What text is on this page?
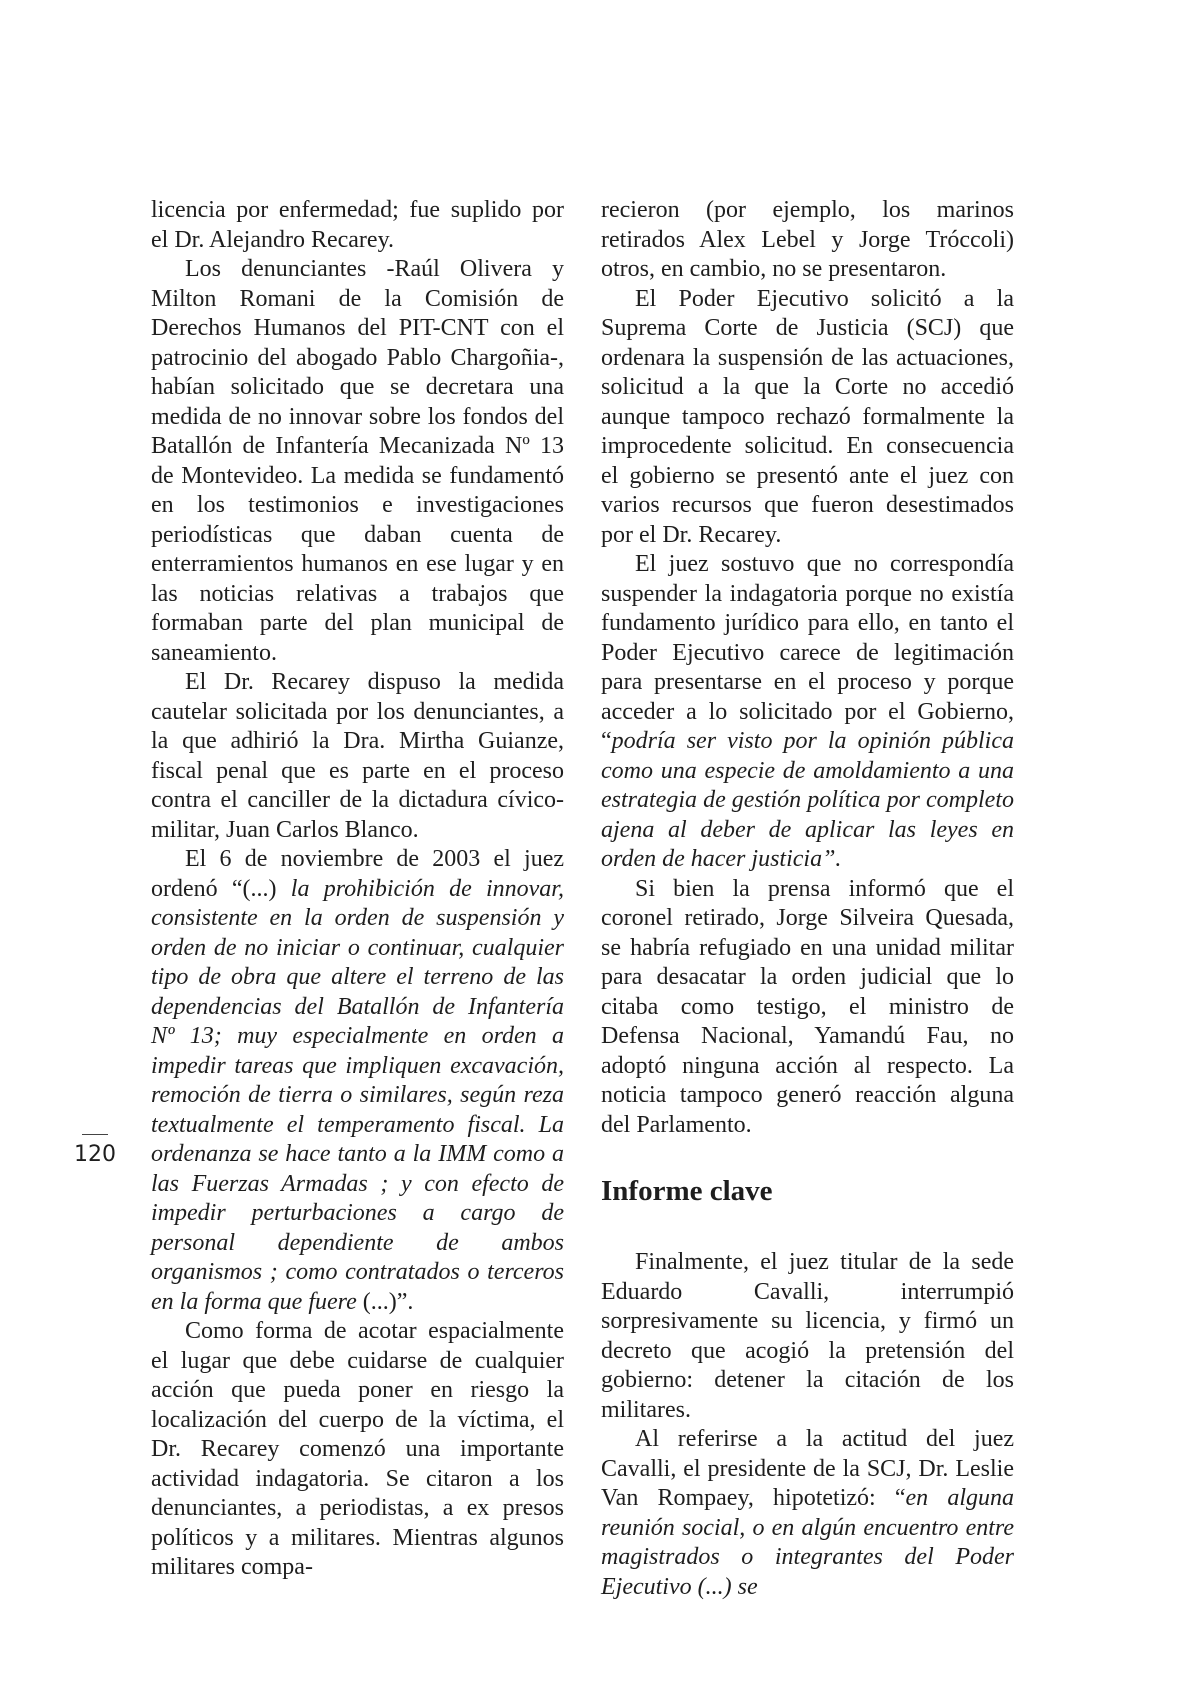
licencia por enfermedad; fue suplido por el Dr. Alejandro Recarey.

Los denunciantes -Raúl Olivera y Milton Romani de la Comisión de Derechos Humanos del PIT-CNT con el patrocinio del abogado Pablo Chargoñia-, habían solicitado que se decretara una medida de no innovar sobre los fondos del Batallón de Infantería Mecanizada Nº 13 de Montevideo. La medida se fundamentó en los testimonios e investigaciones periodísticas que daban cuenta de enterramientos humanos en ese lugar y en las noticias relativas a trabajos que formaban parte del plan municipal de saneamiento.

El Dr. Recarey dispuso la medida cautelar solicitada por los denunciantes, a la que adhirió la Dra. Mirtha Guianze, fiscal penal que es parte en el proceso contra el canciller de la dictadura cívico-militar, Juan Carlos Blanco.

El 6 de noviembre de 2003 el juez ordenó “(...) la prohibición de innovar, consistente en la orden de suspensión y orden de no iniciar o continuar, cualquier tipo de obra que altere el terreno de las dependencias del Batallón de Infantería Nº 13; muy especialmente en orden a impedir tareas que impliquen excavación, remoción de tierra o similares, según reza textualmente el temperamento fiscal. La ordenanza se hace tanto a la IMM como a las Fuerzas Armadas ; y con efecto de impedir perturbaciones a cargo de personal dependiente de ambos organismos ; como contratados o terceros en la forma que fuere (...)”.

Como forma de acotar espacialmente el lugar que debe cuidarse de cualquier acción que pueda poner en riesgo la localización del cuerpo de la víctima, el Dr. Recarey comenzó una importante actividad indagatoria. Se citaron a los denunciantes, a periodistas, a ex presos políticos y a militares. Mientras algunos militares compa-

recieron (por ejemplo, los marinos retirados Alex Lebel y Jorge Tróccoli) otros, en cambio, no se presentaron.

El Poder Ejecutivo solicitó a la Suprema Corte de Justicia (SCJ) que ordenara la suspensión de las actuaciones, solicitud a la que la Corte no accedió aunque tampoco rechazó formalmente la improcedente solicitud. En consecuencia el gobierno se presentó ante el juez con varios recursos que fueron desestimados por el Dr. Recarey.

El juez sostuvo que no correspondía suspender la indagatoria porque no existía fundamento jurídico para ello, en tanto el Poder Ejecutivo carece de legitimación para presentarse en el proceso y porque acceder a lo solicitado por el Gobierno, “podría ser visto por la opinión pública como una especie de amoldamiento a una estrategia de gestión política por completo ajena al deber de aplicar las leyes en orden de hacer justicia”.

Si bien la prensa informó que el coronel retirado, Jorge Silveira Quesada, se habría refugiado en una unidad militar para desacatar la orden judicial que lo citaba como testigo, el ministro de Defensa Nacional, Yamandú Fau, no adoptó ninguna acción al respecto. La noticia tampoco generó reacción alguna del Parlamento.

Informe clave

Finalmente, el juez titular de la sede Eduardo Cavalli, interrumpió sorpresivamente su licencia, y firmó un decreto que acogió la pretensión del gobierno: detener la citación de los militares.

Al referirse a la actitud del juez Cavalli, el presidente de la SCJ, Dr. Leslie Van Rompaey, hipotetizó: “en alguna reunión social, o en algún encuentro entre magistrados o integrantes del Poder Ejecutivo (...) se

120
